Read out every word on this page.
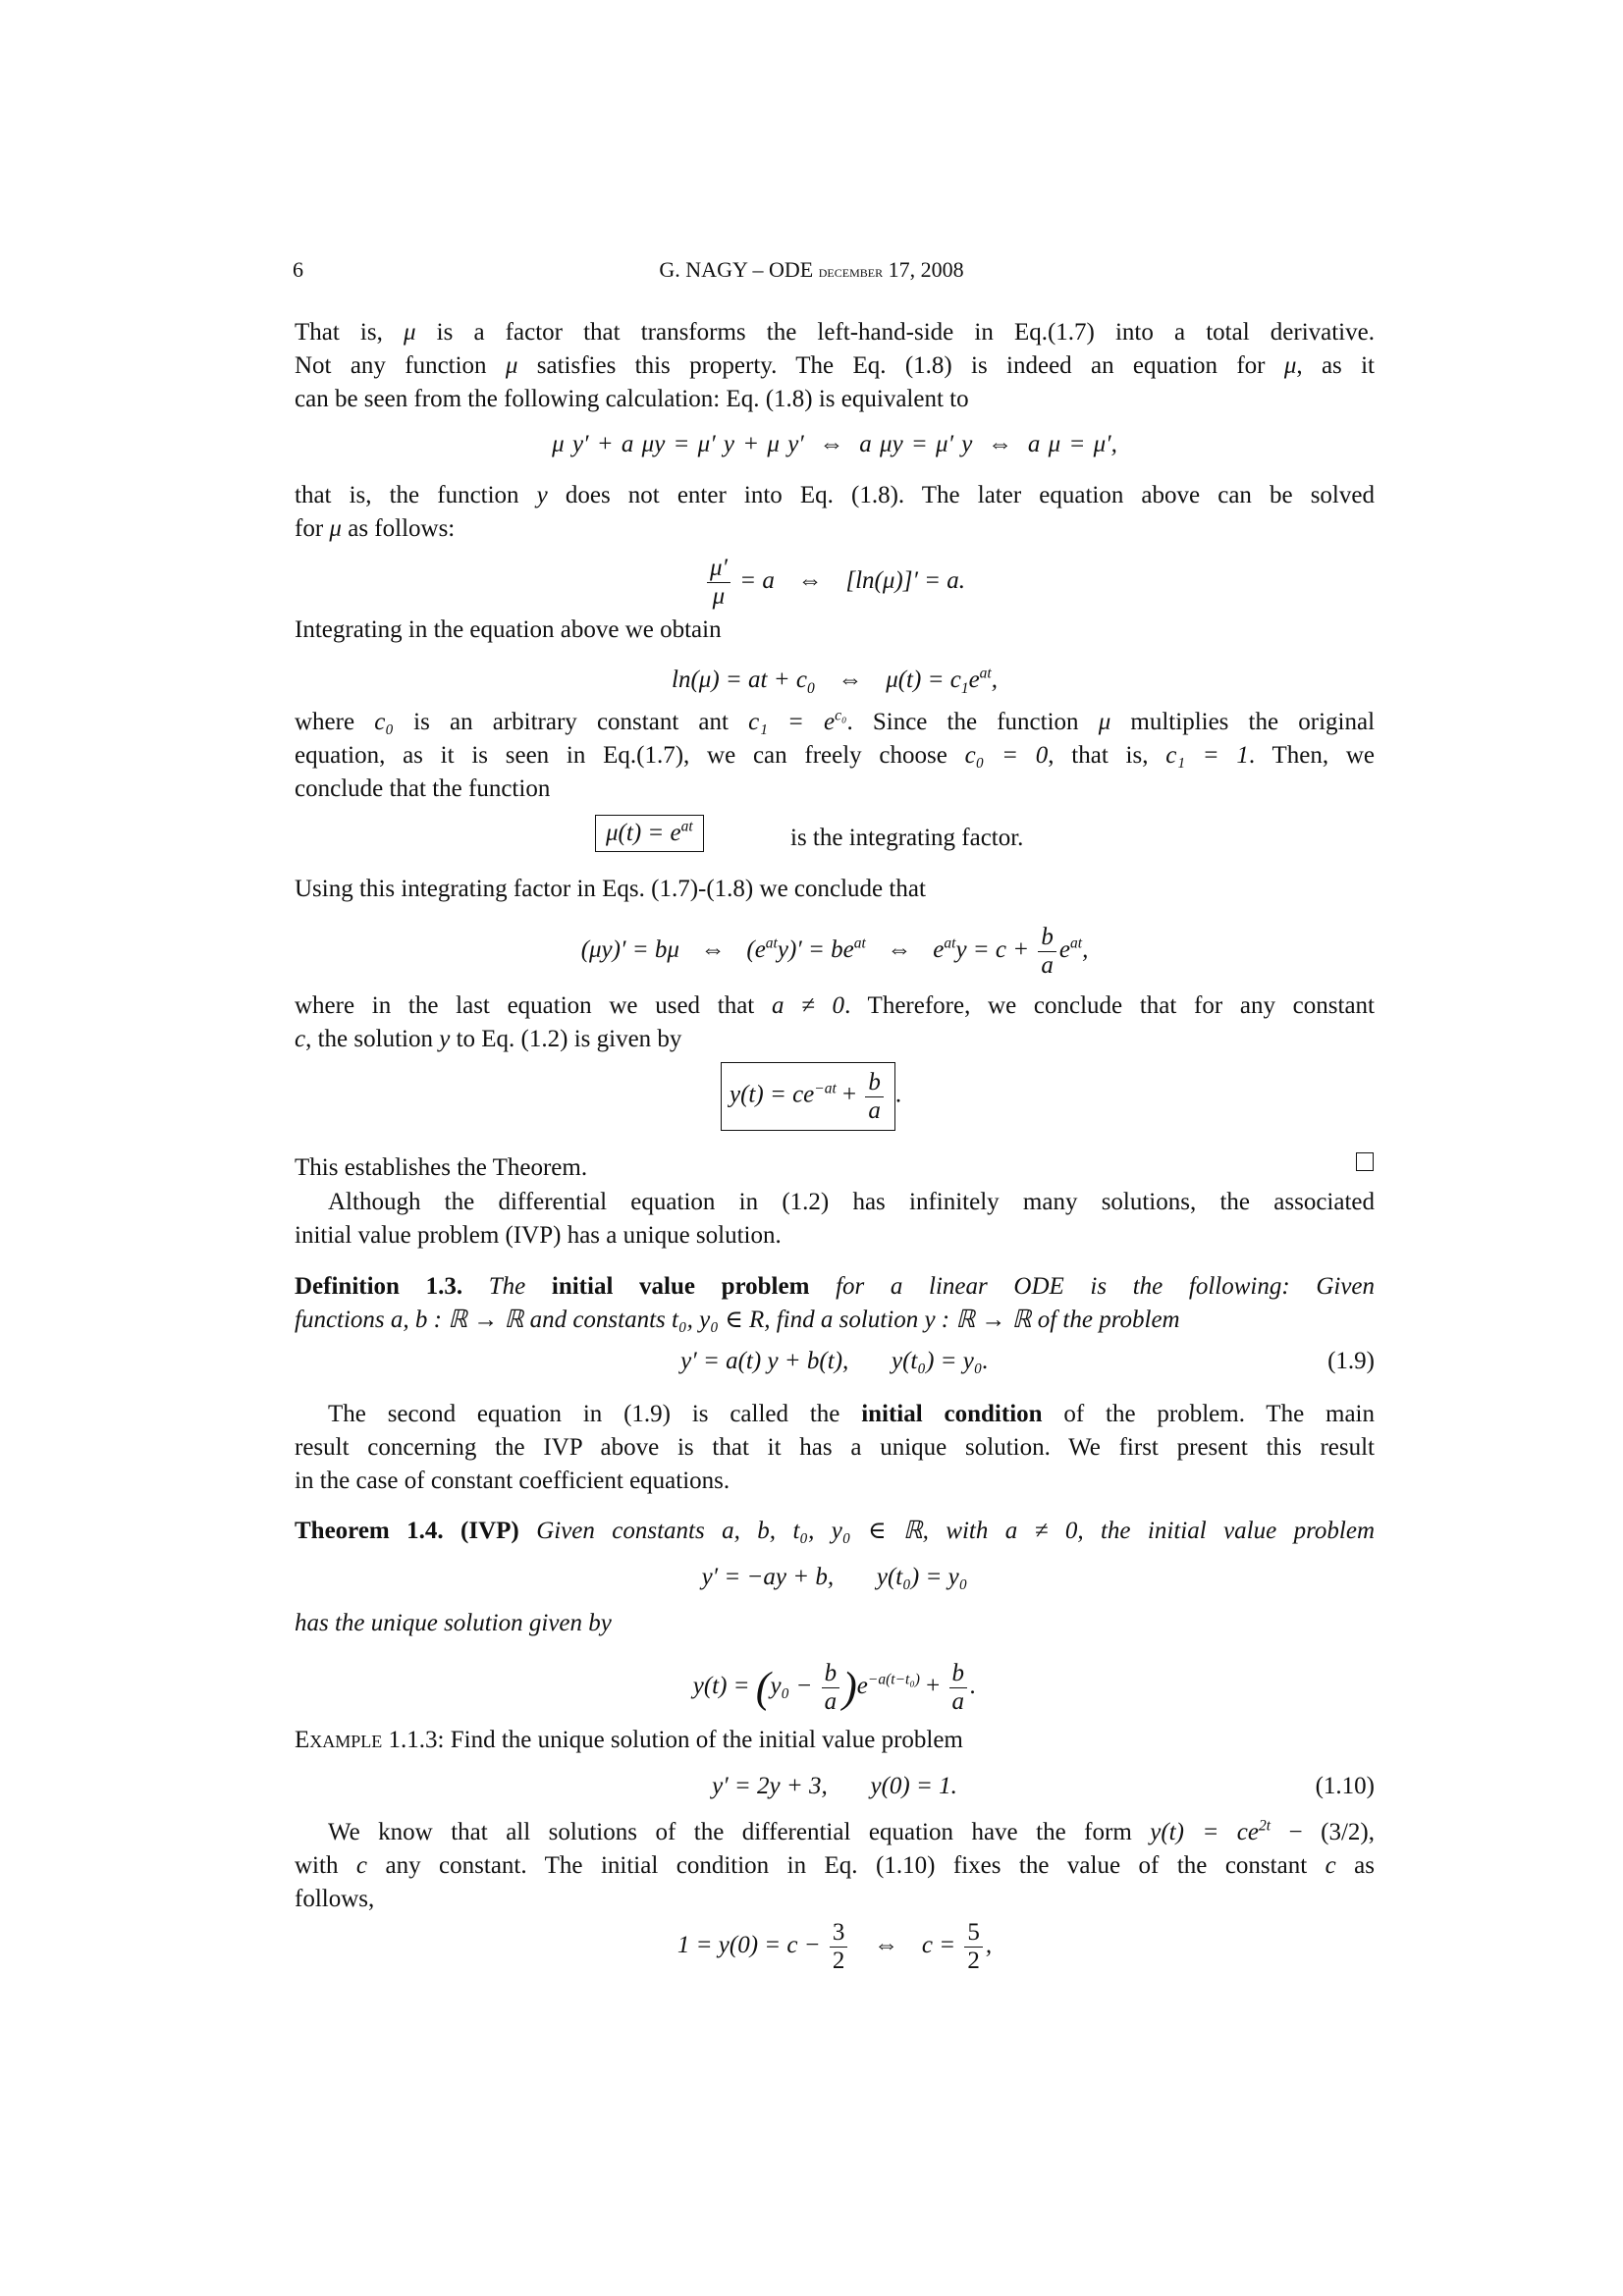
6	G. NAGY – ODE december 17, 2008
That is, μ is a factor that transforms the left-hand-side in Eq.(1.7) into a total derivative.
Not any function μ satisfies this property. The Eq. (1.8) is indeed an equation for μ, as it
can be seen from the following calculation: Eq. (1.8) is equivalent to
μ y′ + a μy = μ′ y + μ y′ ⇔ a μy = μ′ y ⇔ a μ = μ′,
that is, the function y does not enter into Eq. (1.8). The later equation above can be solved
for μ as follows:
$\frac{\mu'}{\mu} = a$ ⇔ [ln(μ)]′ = a.
Integrating in the equation above we obtain
ln(μ) = at + $c_0$ ⇔ $\mu(t) = c_1e^{at}$,
where c₀ is an arbitrary constant ant $c_1 = e^{c_0}$. Since the function μ multiplies the original
equation, as it is seen in Eq.(1.7), we can freely choose c₀ = 0, that is, c₁ = 1. Then, we
conclude that the function
$\mu(t) = e^{at}$	is the integrating factor.
Using this integrating factor in Eqs. (1.7)-(1.8) we conclude that
(μy)′ = bμ ⇔ $(e^{at}y)' = be^{at}$ ⇔ $e^{at}y = c + \frac{b}{a} e^{at}$,
where in the last equation we used that a ≠ 0. Therefore, we conclude that for any constant
c, the solution y to Eq. (1.2) is given by
$y(t) = ce^{-at} + \frac{b}{a}$ .
This establishes the Theorem.
Although the differential equation in (1.2) has infinitely many solutions, the associated
initial value problem (IVP) has a unique solution.
Definition 1.3. The initial value problem for a linear ODE is the following: Given
functions a, b : ℝ → ℝ and constants t₀, y₀ ∈ R, find a solution y : ℝ → ℝ of the problem
y′ = a(t) y + b(t),       y(t₀) = y₀.	(1.9)
The second equation in (1.9) is called the initial condition of the problem. The main
result concerning the IVP above is that it has a unique solution. We first present this result
in the case of constant coefficient equations.
Theorem 1.4. (IVP) Given constants a, b, t₀, y₀ ∈ ℝ, with a ≠ 0, the initial value problem
y′ = −ay + b,       y(t₀) = y₀
has the unique solution given by
$y(t) = (y_0 - \frac{b}{a} )e^{-a(t-t_0)} + \frac{b}{a}$ .
Example 1.1.3: Find the unique solution of the initial value problem
y′ = 2y + 3,       y(0) = 1.	(1.10)
We know that all solutions of the differential equation have the form $y(t) = ce^{2t} - (3/2)$,
with c any constant. The initial condition in Eq. (1.10) fixes the value of the constant c as
follows,
$1 = y(0) = c - \frac{3}{2}$ ⇔ $c = \frac{5}{2}$ ,
